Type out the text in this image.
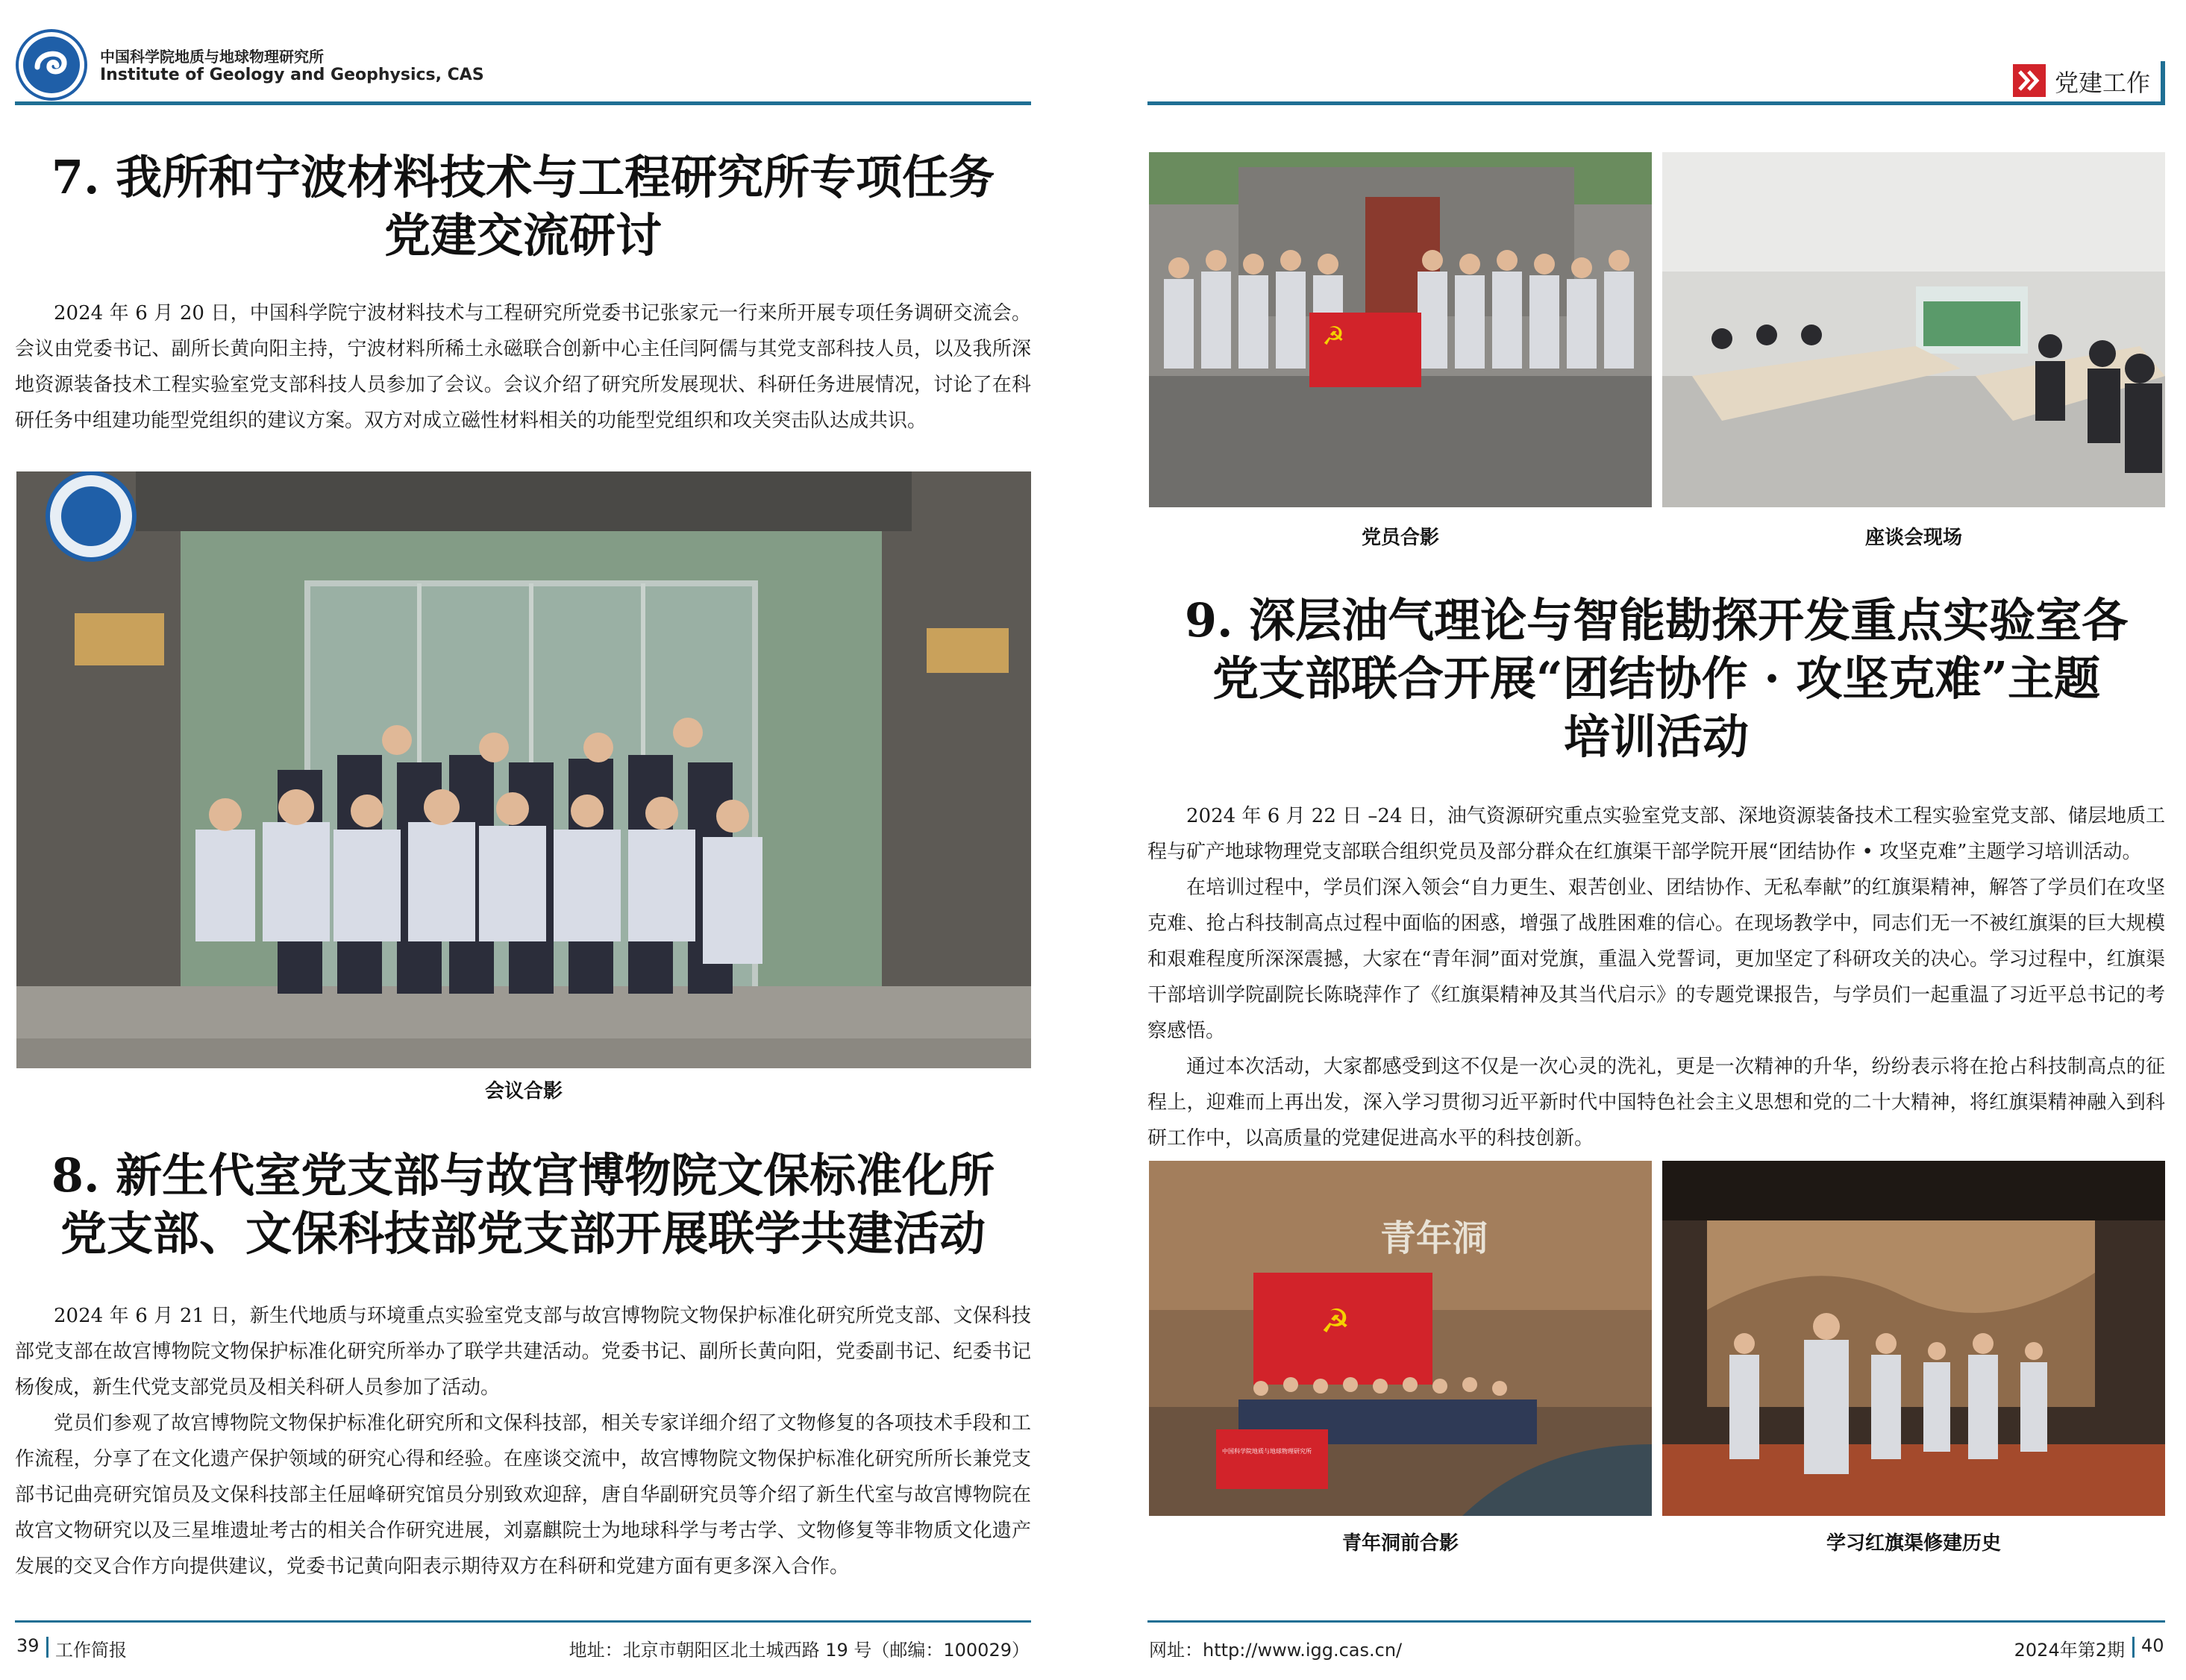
中国科学院地质与地球物理研究所
Institute of Geology and Geophysics, CAS	党建工作
7. 我所和宁波材料技术与工程研究所专项任务
党建交流研讨

2024 年 6 月 20 日，中国科学院宁波材料技术与工程研究所党委书记张家元一行来所开展专项任务调研交流会。会议由党委书记、副所长黄向阳主持，宁波材料所稀土永磁联合创新中心主任闫阿儒与其党支部科技人员，以及我所深地资源装备技术工程实验室党支部科技人员参加了会议。会议介绍了研究所发展现状、科研任务进展情况，讨论了在科研任务中组建功能型党组织的建议方案。双方对成立磁性材料相关的功能型党组织和攻关突击队达成共识。

会议合影
8. 新生代室党支部与故宫博物院文保标准化所
党支部、文保科技部党支部开展联学共建活动

2024 年 6 月 21 日，新生代地质与环境重点实验室党支部与故宫博物院文物保护标准化研究所党支部、文保科技部党支部在故宫博物院文物保护标准化研究所举办了联学共建活动。党委书记、副所长黄向阳，党委副书记、纪委书记杨俊成，新生代党支部党员及相关科研人员参加了活动。

党员们参观了故宫博物院文物保护标准化研究所和文保科技部，相关专家详细介绍了文物修复的各项技术手段和工作流程，分享了在文化遗产保护领域的研究心得和经验。在座谈交流中，故宫博物院文物保护标准化研究所所长兼党支部书记曲亮研究馆员及文保科技部主任屈峰研究馆员分别致欢迎辞，唐自华副研究员等介绍了新生代室与故宫博物院在故宫文物研究以及三星堆遗址考古的相关合作研究进展，刘嘉麒院士为地球科学与考古学、文物修复等非物质文化遗产发展的交叉合作方向提供建议，党委书记黄向阳表示期待双方在科研和党建方面有更多深入合作。

☭
党员合影	座谈会现场
9. 深层油气理论与智能勘探开发重点实验室各
党支部联合开展“团结协作 · 攻坚克难”主题
培训活动

2024 年 6 月 22 日 –24 日，油气资源研究重点实验室党支部、深地资源装备技术工程实验室党支部、储层地质工程与矿产地球物理党支部联合组织党员及部分群众在红旗渠干部学院开展“团结协作 • 攻坚克难”主题学习培训活动。

在培训过程中，学员们深入领会“自力更生、艰苦创业、团结协作、无私奉献”的红旗渠精神，解答了学员们在攻坚克难、抢占科技制高点过程中面临的困惑，增强了战胜困难的信心。在现场教学中，同志们无一不被红旗渠的巨大规模和艰难程度所深深震撼，大家在“青年洞”面对党旗，重温入党誓词，更加坚定了科研攻关的决心。学习过程中，红旗渠干部培训学院副院长陈晓萍作了《红旗渠精神及其当代启示》的专题党课报告，与学员们一起重温了习近平总书记的考察感悟。

通过本次活动，大家都感受到这不仅是一次心灵的洗礼，更是一次精神的升华，纷纷表示将在抢占科技制高点的征程上，迎难而上再出发，深入学习贯彻习近平新时代中国特色社会主义思想和党的二十大精神，将红旗渠精神融入到科研工作中，以高质量的党建促进高水平的科技创新。

☭
青年洞
中国科学院地质与地球物理研究所
青年洞前合影	学习红旗渠修建历史
39 工作简报	地址：北京市朝阳区北土城西路 19 号（邮编：100029）	网址：http://www.igg.cas.cn/	2024年第2期 40
